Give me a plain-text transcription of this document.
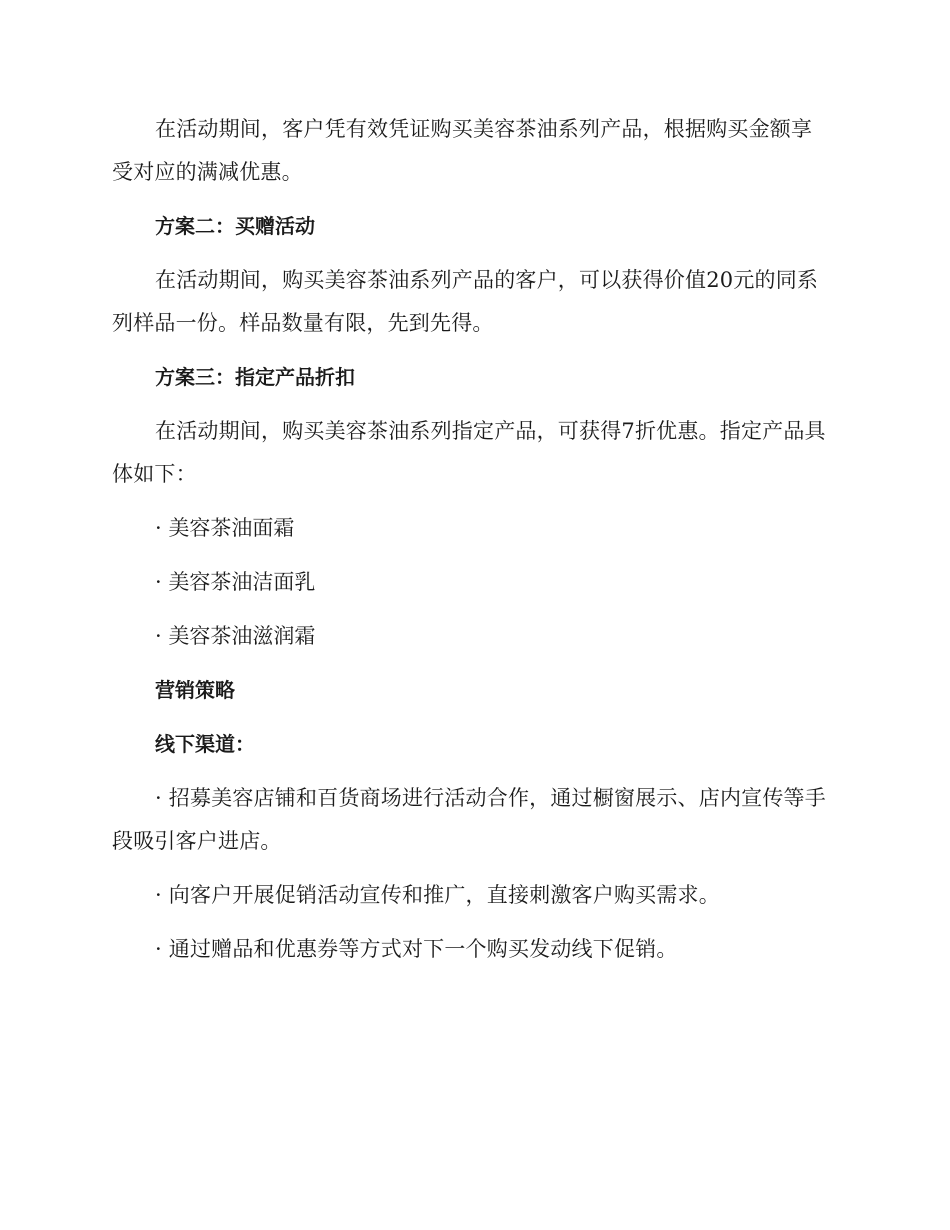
在活动期间，客户凭有效凭证购买美容茶油系列产品，根据购买金额享受对应的满减优惠。

方案二：买赠活动

在活动期间，购买美容茶油系列产品的客户，可以获得价值20元的同系列样品一份。样品数量有限，先到先得。

方案三：指定产品折扣

在活动期间，购买美容茶油系列指定产品，可获得7折优惠。指定产品具体如下：

· 美容茶油面霜

· 美容茶油洁面乳

· 美容茶油滋润霜

营销策略

线下渠道：

· 招募美容店铺和百货商场进行活动合作，通过橱窗展示、店内宣传等手段吸引客户进店。

· 向客户开展促销活动宣传和推广，直接刺激客户购买需求。

· 通过赠品和优惠券等方式对下一个购买发动线下促销。
